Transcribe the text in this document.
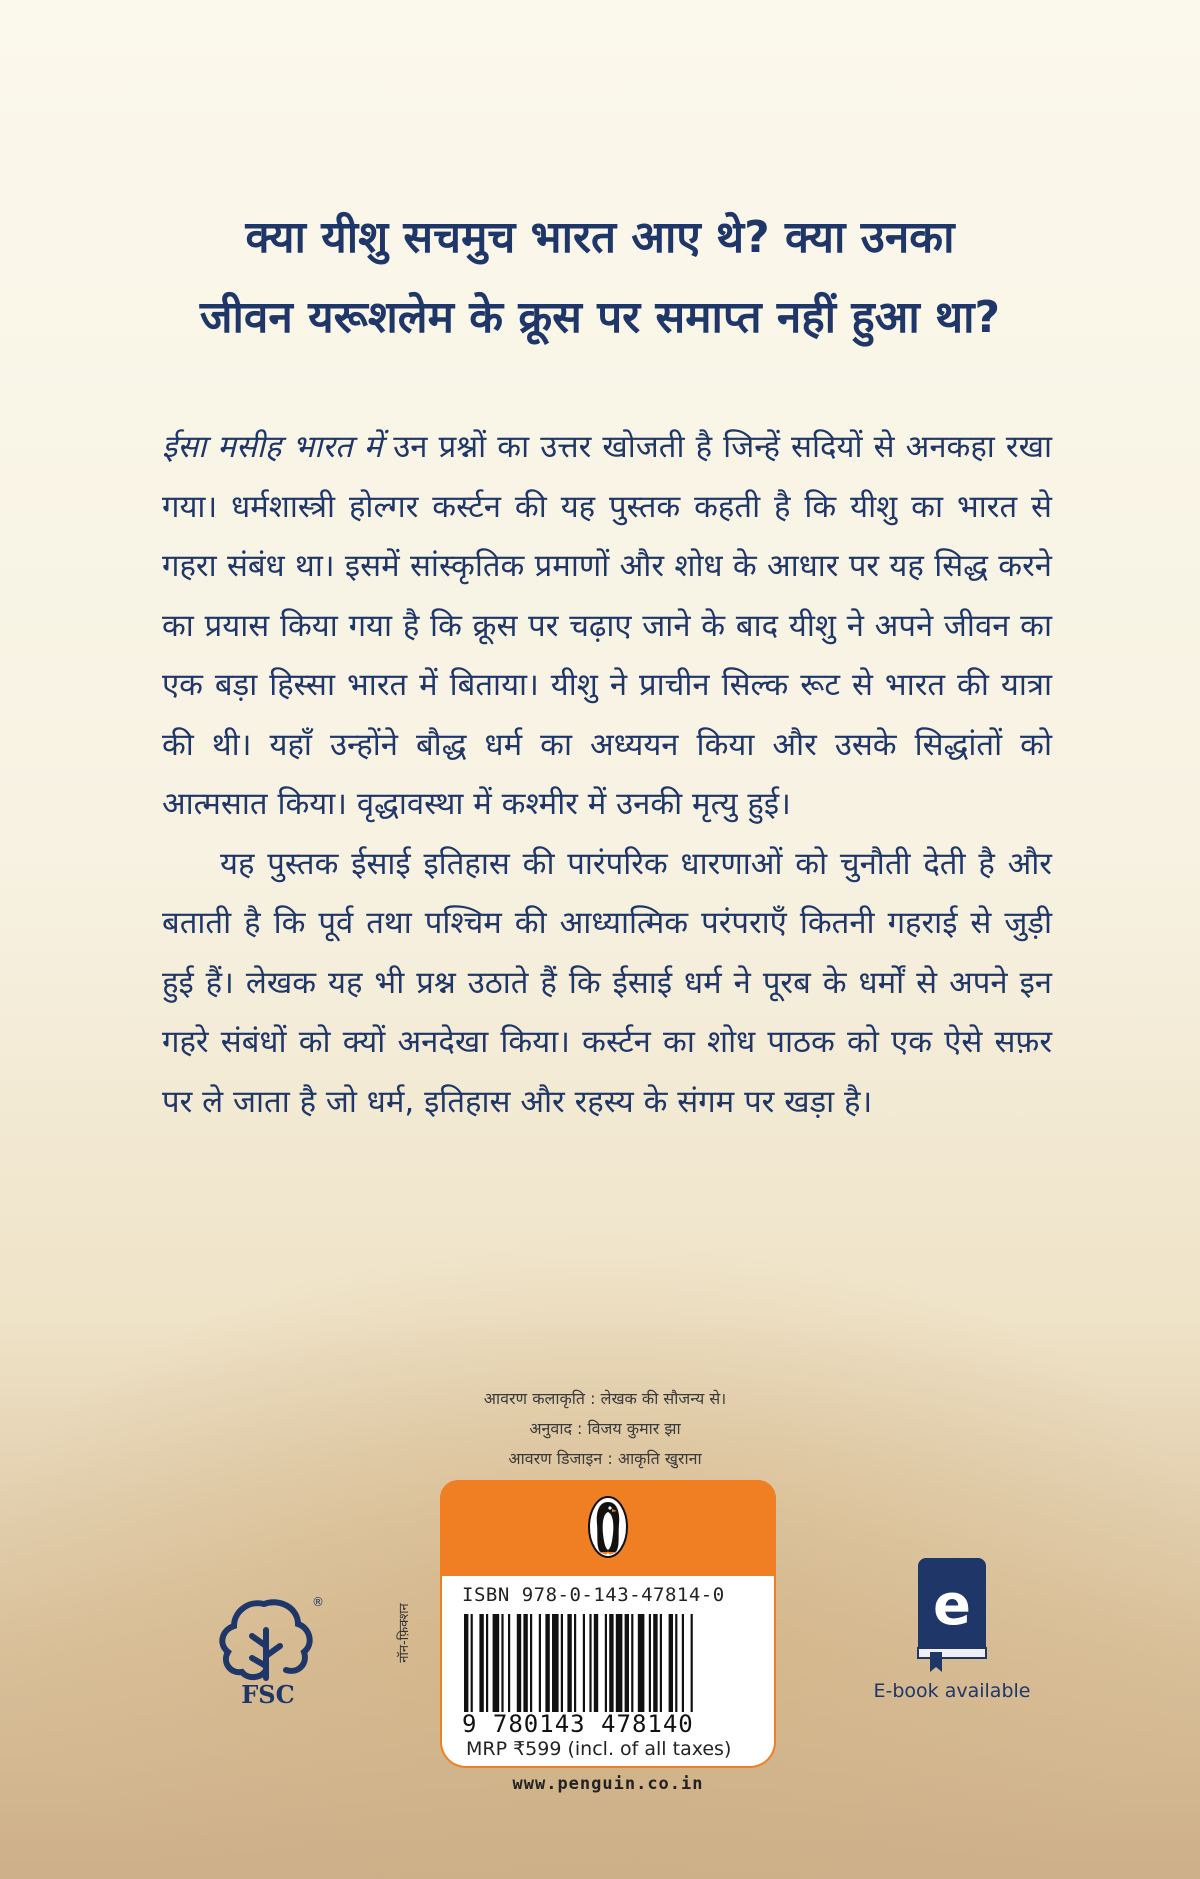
क्या यीशु सचमुच भारत आए थे? क्या उनका
जीवन यरूशलेम के क्रूस पर समाप्त नहीं हुआ था?

ईसा मसीह भारत में उन प्रश्नों का उत्तर खोजती है जिन्हें सदियों से अनकहा रखा गया। धर्मशास्त्री होल्गर कर्स्टन की यह पुस्तक कहती है कि यीशु का भारत से गहरा संबंध था। इसमें सांस्कृतिक प्रमाणों और शोध के आधार पर यह सिद्ध करने का प्रयास किया गया है कि क्रूस पर चढ़ाए जाने के बाद यीशु ने अपने जीवन का एक बड़ा हिस्सा भारत में बिताया। यीशु ने प्राचीन सिल्क रूट से भारत की यात्रा की थी। यहाँ उन्होंने बौद्ध धर्म का अध्ययन किया और उसके सिद्धांतों को आत्मसात किया। वृद्धावस्था में कश्मीर में उनकी मृत्यु हुई।

यह पुस्तक ईसाई इतिहास की पारंपरिक धारणाओं को चुनौती देती है और बताती है कि पूर्व तथा पश्चिम की आध्यात्मिक परंपराएँ कितनी गहराई से जुड़ी हुई हैं। लेखक यह भी प्रश्न उठाते हैं कि ईसाई धर्म ने पूरब के धर्मों से अपने इन गहरे संबंधों को क्यों अनदेखा किया। कर्स्टन का शोध पाठक को एक ऐसे सफ़र पर ले जाता है जो धर्म, इतिहास और रहस्य के संगम पर खड़ा है।

आवरण कलाकृति : लेखक की सौजन्य से।
अनुवाद : विजय कुमार झा
आवरण डिजाइन : आकृति खुराना
नॉन-फ़िक्शन
ISBN 978-0-143-47814-0
9 780143 478140
MRP ₹599 (incl. of all taxes)
www.penguin.co.in
®
FSC
e
E-book available
